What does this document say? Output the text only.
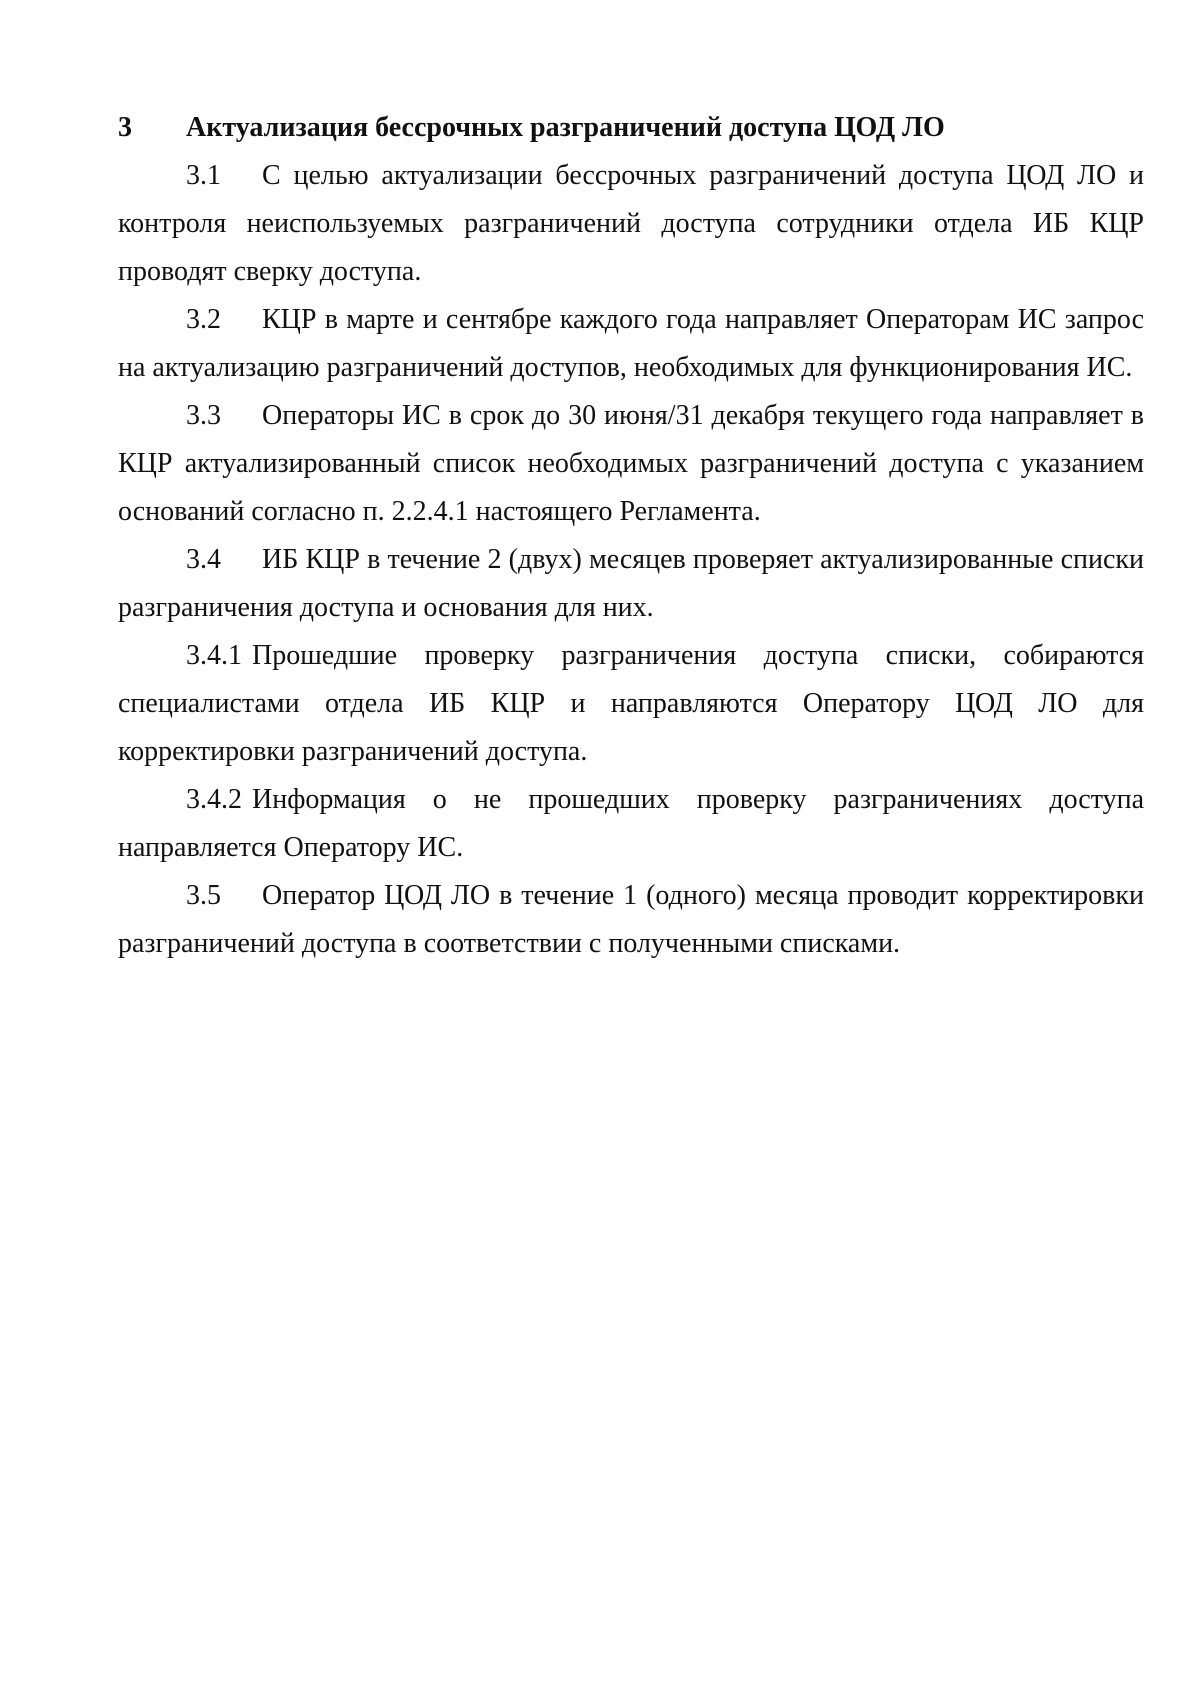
3 Актуализация бессрочных разграничений доступа ЦОД ЛО

3.1 С целью актуализации бессрочных разграничений доступа ЦОД ЛО и контроля неиспользуемых разграничений доступа сотрудники отдела ИБ КЦР проводят сверку доступа.

3.2 КЦР в марте и сентябре каждого года направляет Операторам ИС запрос на актуализацию разграничений доступов, необходимых для функционирования ИС.

3.3 Операторы ИС в срок до 30 июня/31 декабря текущего года направляет в КЦР актуализированный список необходимых разграничений доступа с указанием оснований согласно п. 2.2.4.1 настоящего Регламента.

3.4 ИБ КЦР в течение 2 (двух) месяцев проверяет актуализированные списки разграничения доступа и основания для них.

3.4.1 Прошедшие проверку разграничения доступа списки, собираются специалистами отдела ИБ КЦР и направляются Оператору ЦОД ЛО для корректировки разграничений доступа.

3.4.2 Информация о не прошедших проверку разграничениях доступа направляется Оператору ИС.

3.5 Оператор ЦОД ЛО в течение 1 (одного) месяца проводит корректировки разграничений доступа в соответствии с полученными списками.
